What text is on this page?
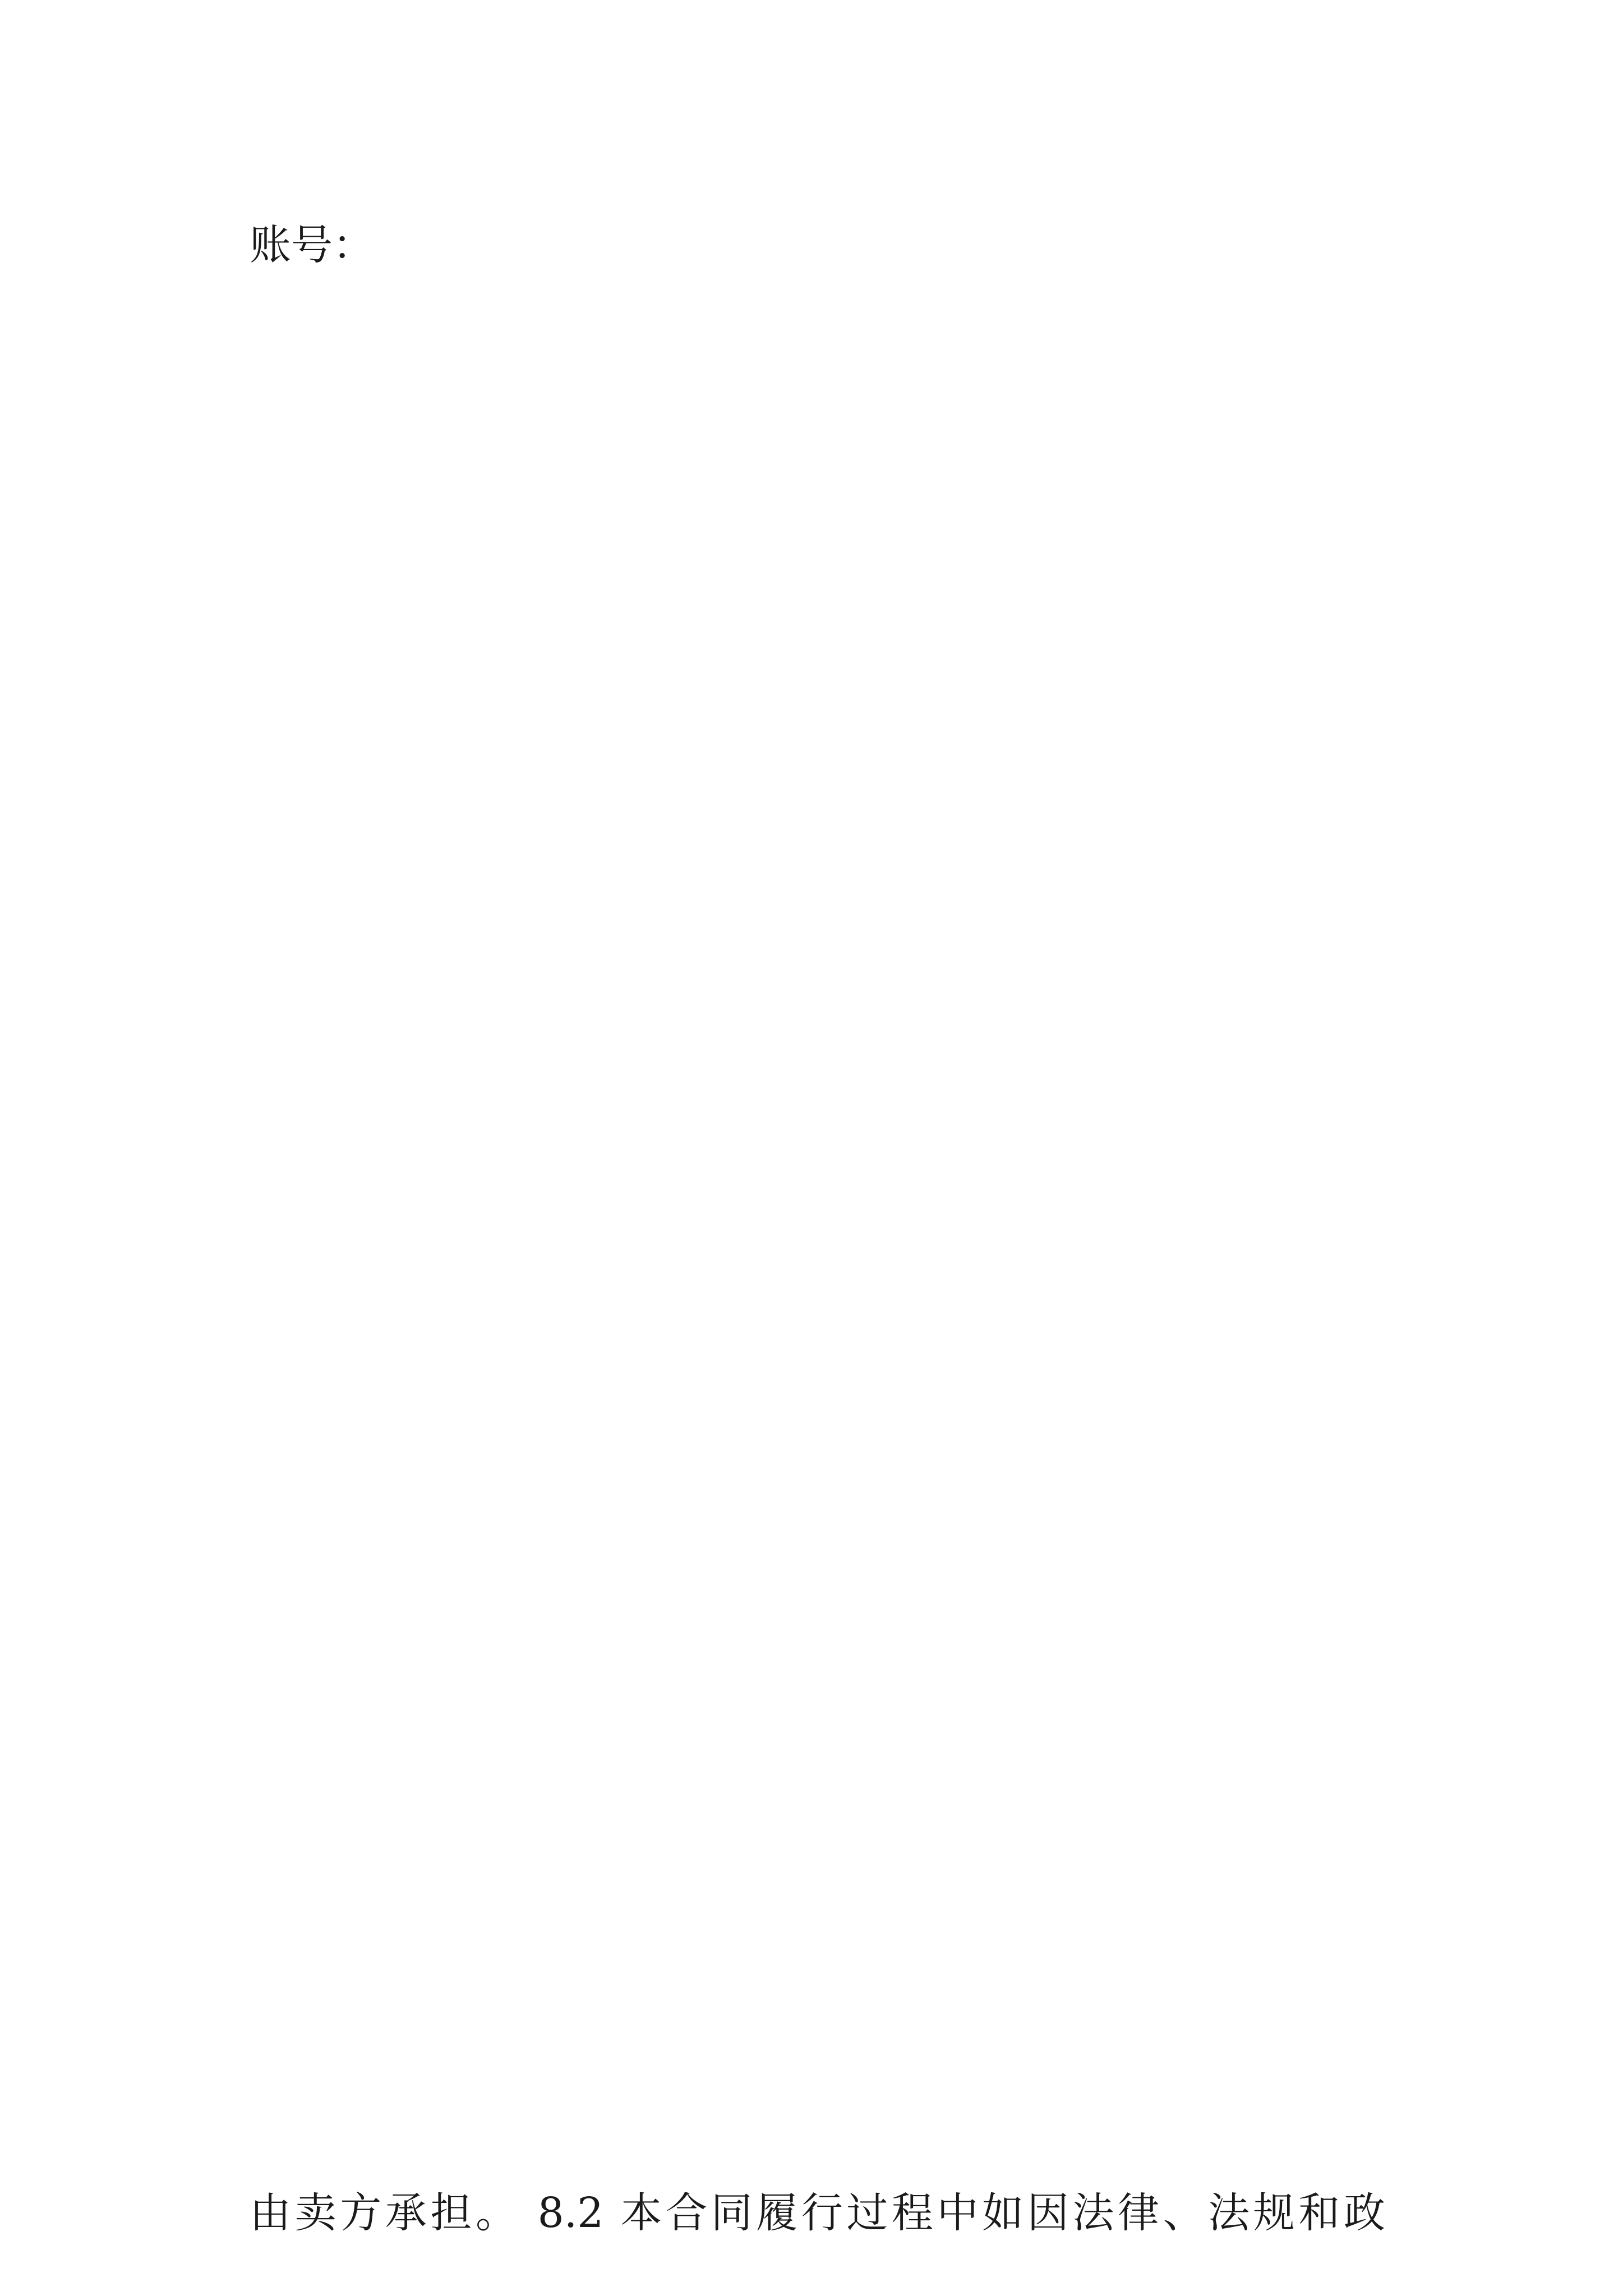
账号：

由卖方承担。 8.2 本合同履行过程中如因法律、法规和政
